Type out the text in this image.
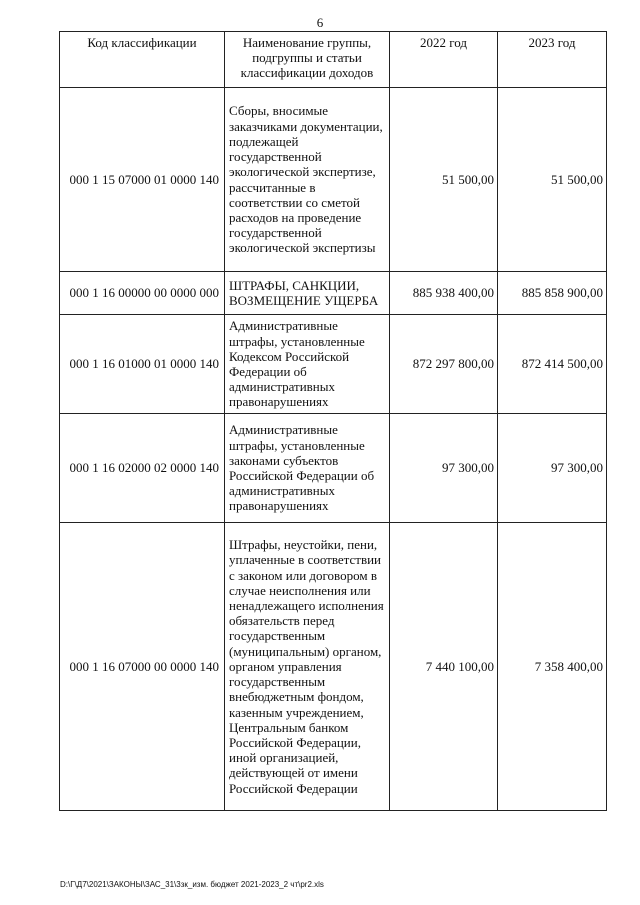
6
Код классификации	Наименование группы, подгруппы и статьи классификации доходов	2022 год	2023 год
000 1 15 07000 01 0000 140	Сборы, вносимые заказчиками документации, подлежащей государственной экологической экспертизе, рассчитанные в соответствии со сметой расходов на проведение государственной экологической экспертизы	51 500,00	51 500,00
000 1 16 00000 00 0000 000	ШТРАФЫ, САНКЦИИ, ВОЗМЕЩЕНИЕ УЩЕРБА	885 938 400,00	885 858 900,00
000 1 16 01000 01 0000 140	Административные штрафы, установленные Кодексом Российской Федерации об административных правонарушениях	872 297 800,00	872 414 500,00
000 1 16 02000 02 0000 140	Административные штрафы, установленные законами субъектов Российской Федерации об административных правонарушениях	97 300,00	97 300,00
000 1 16 07000 00 0000 140	Штрафы, неустойки, пени, уплаченные в соответствии с законом или договором в случае неисполнения или ненадлежащего исполнения обязательств перед государственным (муниципальным) органом, органом управления государственным внебюджетным фондом, казенным учреждением, Центральным банком Российской Федерации, иной организацией, действующей от имени Российской Федерации	7 440 100,00	7 358 400,00
D:\Г\Д7\2021\ЗАКОНЫ\ЗАС_31\3зк_изм. бюджет 2021-2023_2 чт\pr2.xls
